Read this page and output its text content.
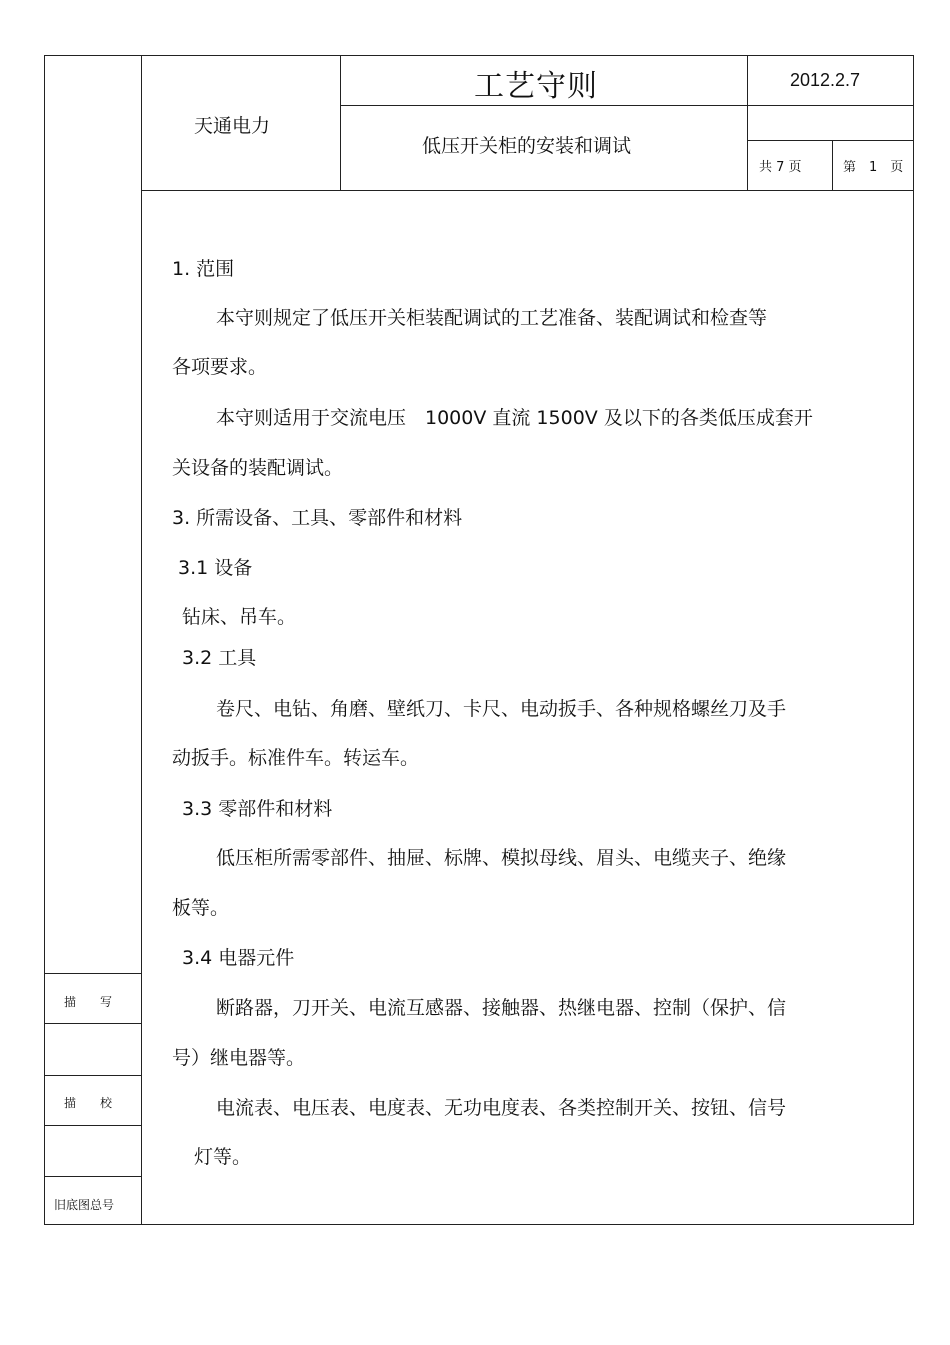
天通电力
工艺守则	2012.2.7
低压开关柜的安装和调试
共 7 页	第　1　页
描　　写
描　　校
旧底图总号
1. 范围
本守则规定了低压开关柜装配调试的工艺准备、装配调试和检查等
各项要求。
本守则适用于交流电压　1000V 直流 1500V 及以下的各类低压成套开
关设备的装配调试。
3. 所需设备、工具、零部件和材料
3.1 设备
钻床、吊车。
3.2 工具
卷尺、电钻、角磨、壁纸刀、卡尺、电动扳手、各种规格螺丝刀及手
动扳手。标准件车。转运车。
3.3 零部件和材料
低压柜所需零部件、抽屉、标牌、模拟母线、眉头、电缆夹子、绝缘
板等。
3.4 电器元件
断路器，刀开关、电流互感器、接触器、热继电器、控制（保护、信
号）继电器等。
电流表、电压表、电度表、无功电度表、各类控制开关、按钮、信号
灯等。
